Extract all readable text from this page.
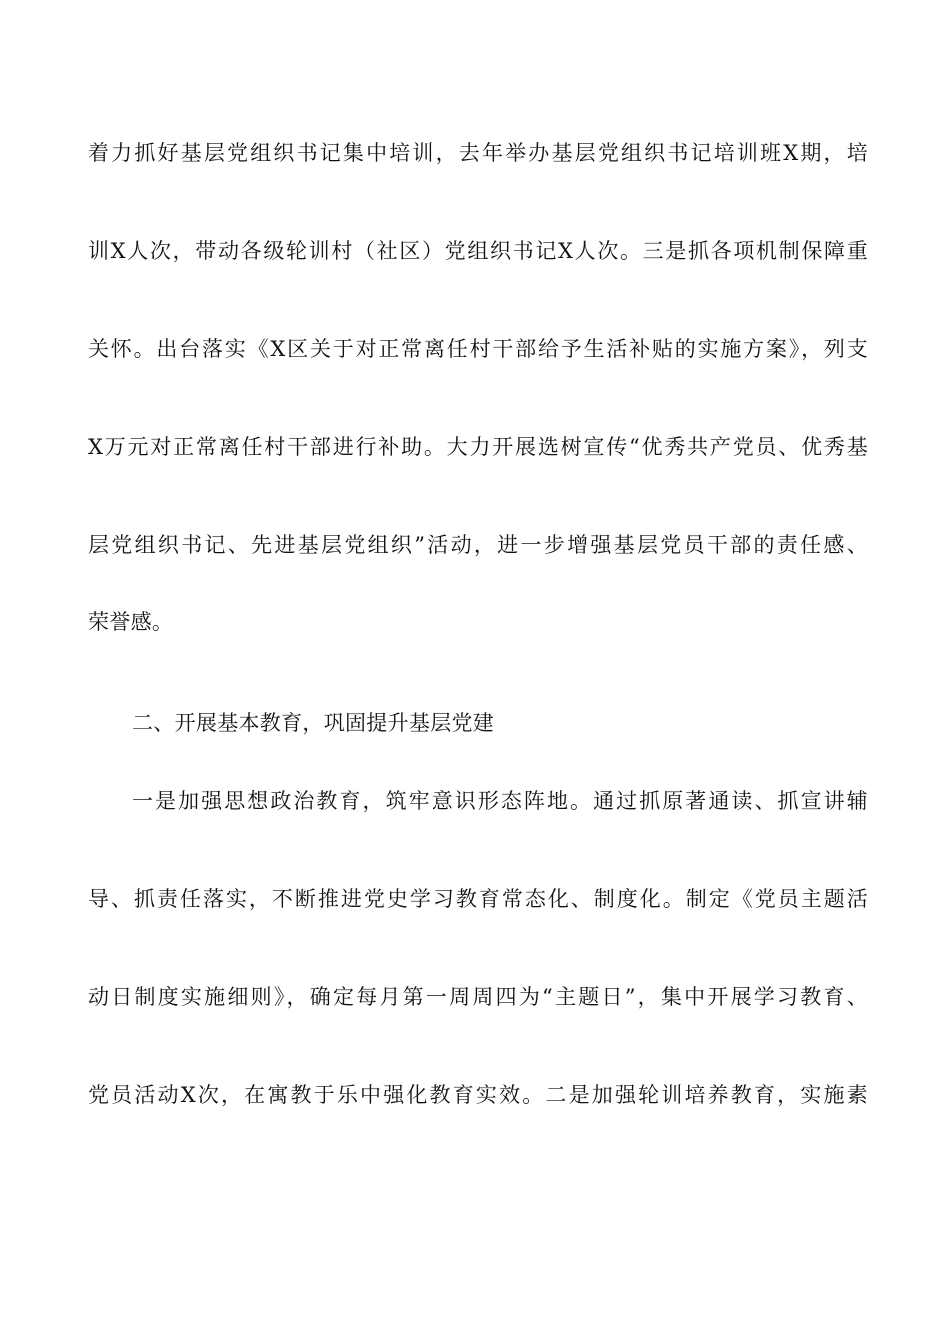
着力抓好基层党组织书记集中培训，去年举办基层党组织书记培训班X期，培
训X人次，带动各级轮训村（社区）党组织书记X人次。三是抓各项机制保障重
关怀。出台落实《X区关于对正常离任村干部给予生活补贴的实施方案》，列支
X万元对正常离任村干部进行补助。大力开展选树宣传“优秀共产党员、优秀基
层党组织书记、先进基层党组织”活动，进一步增强基层党员干部的责任感、
荣誉感。
二、开展基本教育，巩固提升基层党建
一是加强思想政治教育，筑牢意识形态阵地。通过抓原著通读、抓宣讲辅
导、抓责任落实，不断推进党史学习教育常态化、制度化。制定《党员主题活
动日制度实施细则》，确定每月第一周周四为“主题日”，集中开展学习教育、
党员活动X次，在寓教于乐中强化教育实效。二是加强轮训培养教育，实施素
